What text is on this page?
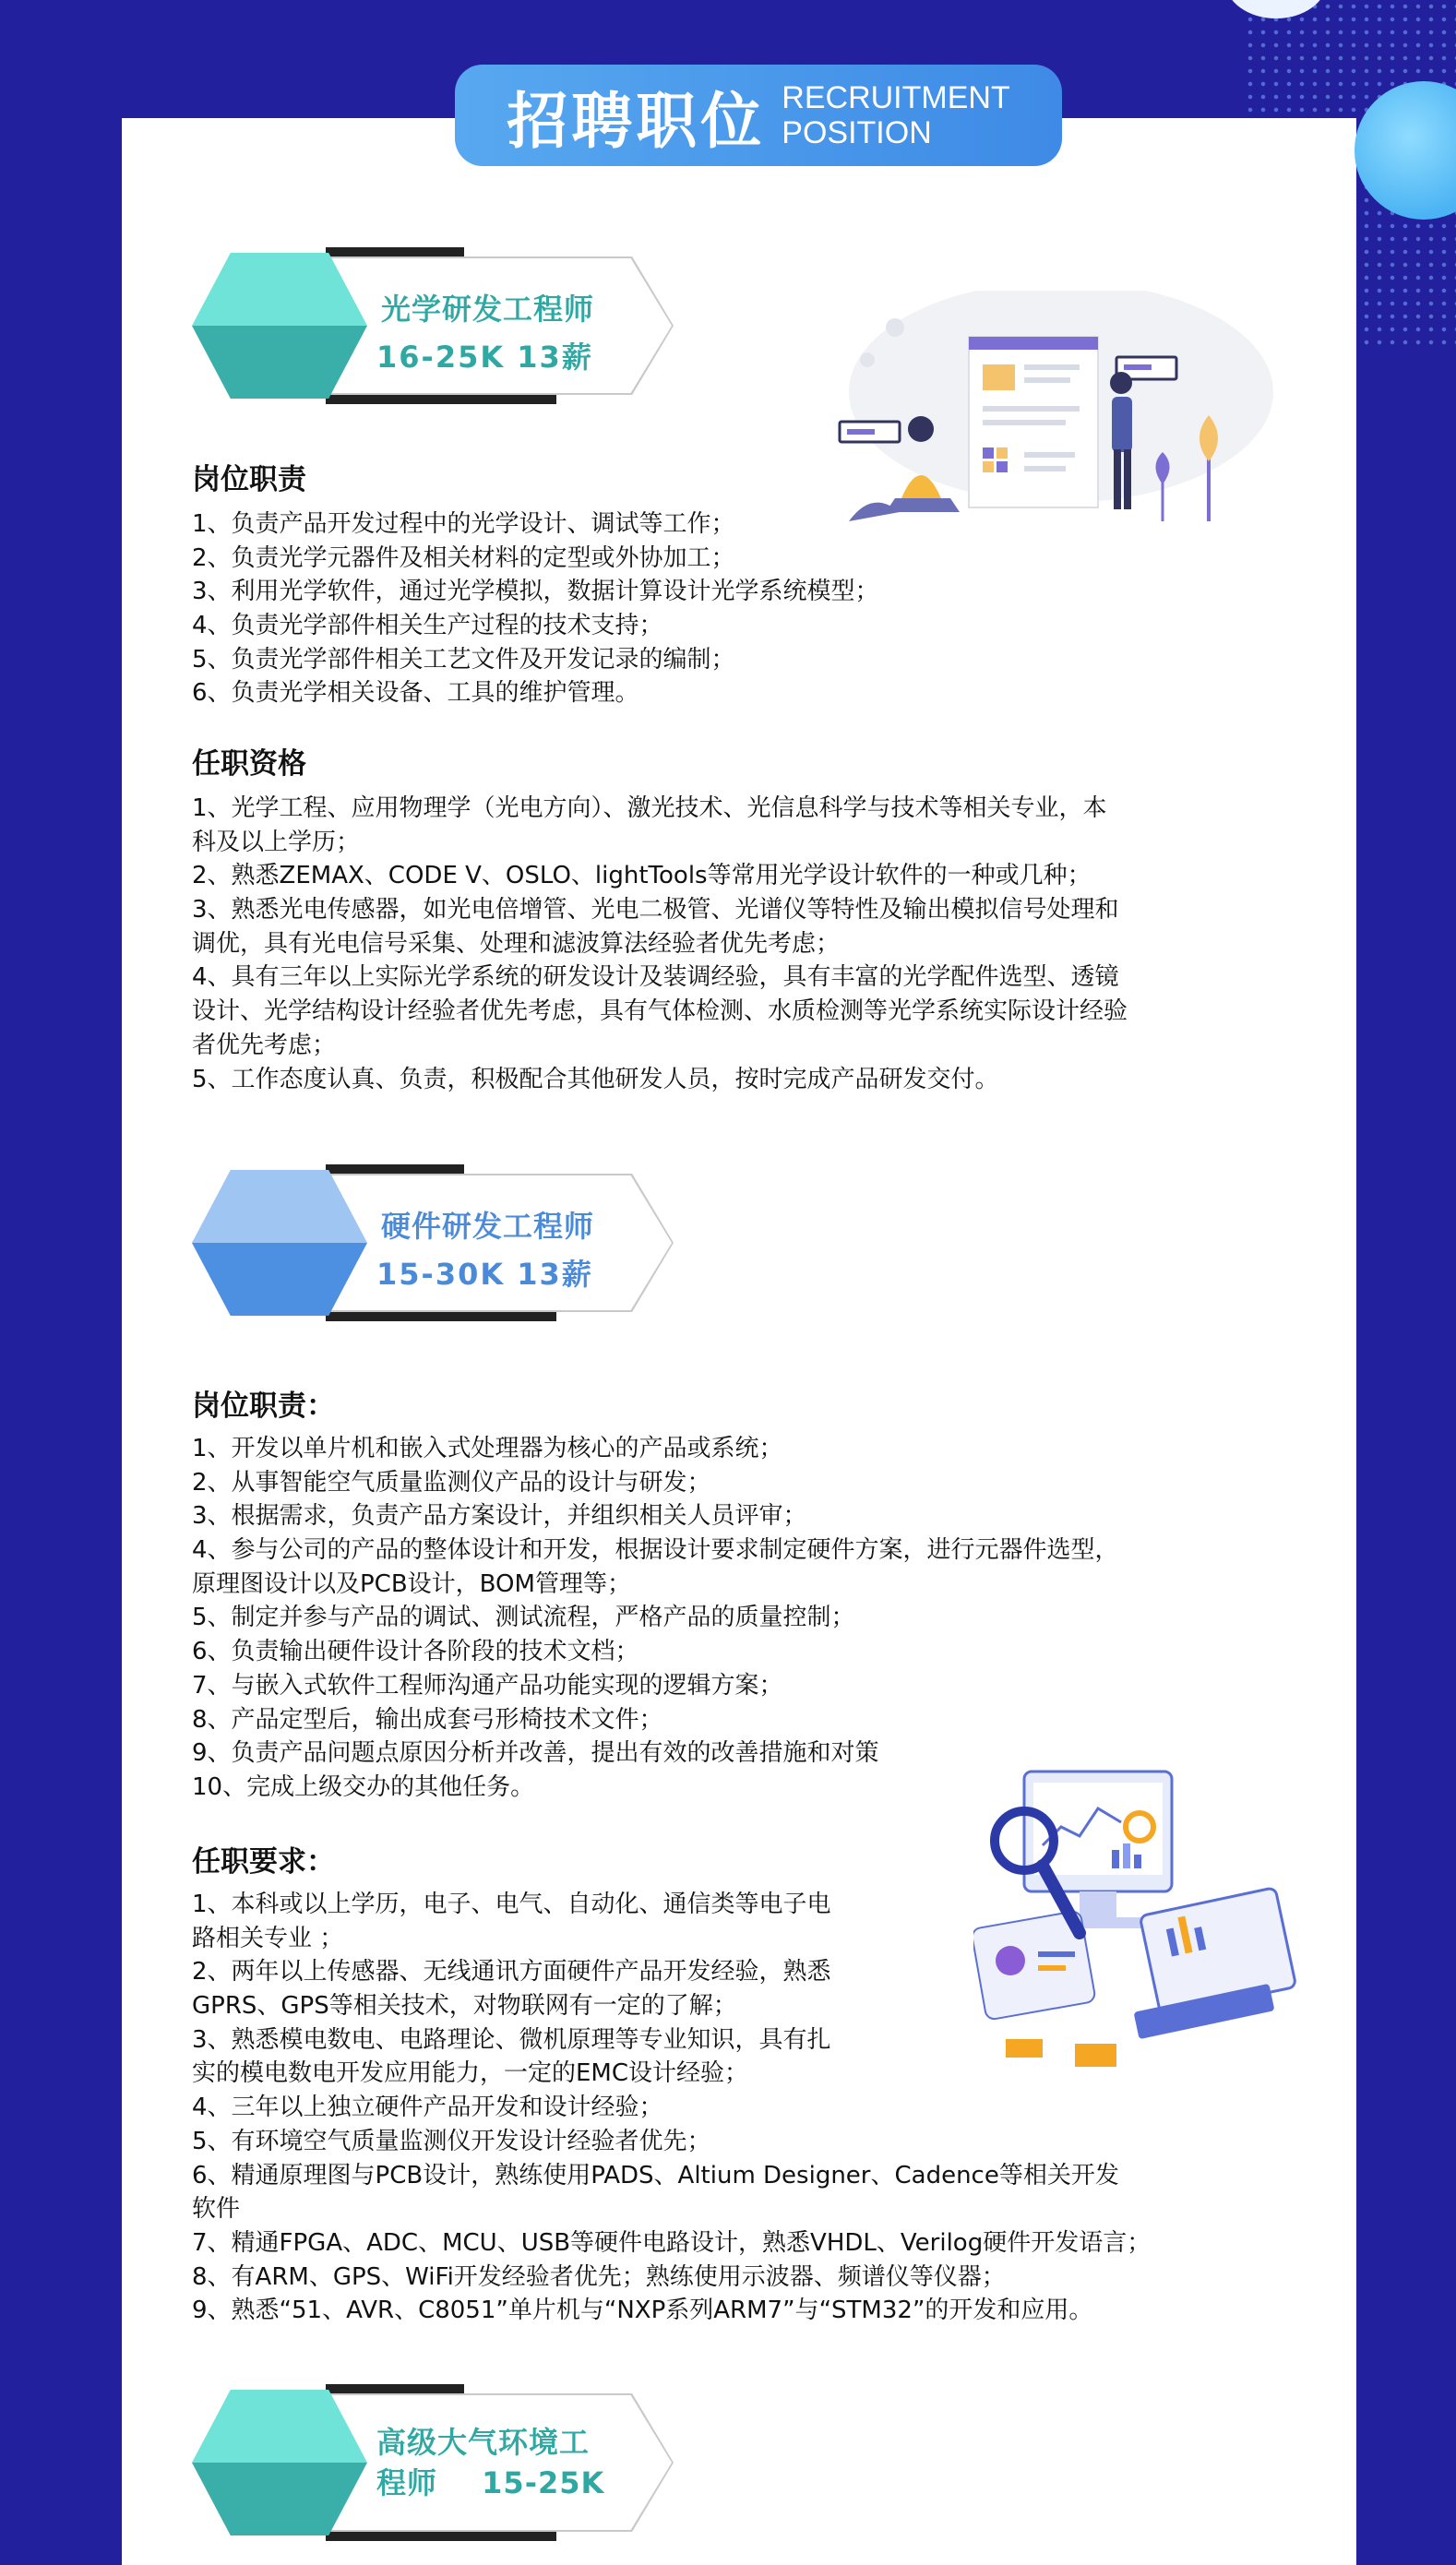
招聘职位 RECRUITMENT
POSITION
光学研发工程师
16-25K 13薪
岗位职责
1、负责产品开发过程中的光学设计、调试等工作；
2、负责光学元器件及相关材料的定型或外协加工；
3、利用光学软件，通过光学模拟，数据计算设计光学系统模型；
4、负责光学部件相关生产过程的技术支持；
5、负责光学部件相关工艺文件及开发记录的编制；
6、负责光学相关设备、工具的维护管理。
任职资格
1、光学工程、应用物理学（光电方向）、激光技术、光信息科学与技术等相关专业，本
科及以上学历；
2、熟悉ZEMAX、CODE V、OSLO、lightTools等常用光学设计软件的一种或几种；
3、熟悉光电传感器，如光电倍增管、光电二极管、光谱仪等特性及输出模拟信号处理和
调优，具有光电信号采集、处理和滤波算法经验者优先考虑；
4、具有三年以上实际光学系统的研发设计及装调经验，具有丰富的光学配件选型、透镜
设计、光学结构设计经验者优先考虑，具有气体检测、水质检测等光学系统实际设计经验
者优先考虑；
5、工作态度认真、负责，积极配合其他研发人员，按时完成产品研发交付。
硬件研发工程师
15-30K 13薪
岗位职责：
1、开发以单片机和嵌入式处理器为核心的产品或系统；
2、从事智能空气质量监测仪产品的设计与研发；
3、根据需求，负责产品方案设计，并组织相关人员评审；
4、参与公司的产品的整体设计和开发，根据设计要求制定硬件方案，进行元器件选型，
原理图设计以及PCB设计，BOM管理等；
5、制定并参与产品的调试、测试流程，严格产品的质量控制；
6、负责输出硬件设计各阶段的技术文档；
7、与嵌入式软件工程师沟通产品功能实现的逻辑方案；
8、产品定型后，输出成套弓形椅技术文件；
9、负责产品问题点原因分析并改善，提出有效的改善措施和对策
10、完成上级交办的其他任务。
任职要求：
1、本科或以上学历，电子、电气、自动化、通信类等电子电
路相关专业 ；
2、两年以上传感器、无线通讯方面硬件产品开发经验，熟悉
GPRS、GPS等相关技术，对物联网有一定的了解；
3、熟悉模电数电、电路理论、微机原理等专业知识，具有扎
实的模电数电开发应用能力，一定的EMC设计经验；
4、三年以上独立硬件产品开发和设计经验；
5、有环境空气质量监测仪开发设计经验者优先；
6、精通原理图与PCB设计，熟练使用PADS、Altium Designer、Cadence等相关开发
软件
7、精通FPGA、ADC、MCU、USB等硬件电路设计，熟悉VHDL、Verilog硬件开发语言；
8、有ARM、GPS、WiFi开发经验者优先；熟练使用示波器、频谱仪等仪器；
9、熟悉“51、AVR、C8051”单片机与“NXP系列ARM7”与“STM32”的开发和应用。
高级大气环境工
程师 15-25K
